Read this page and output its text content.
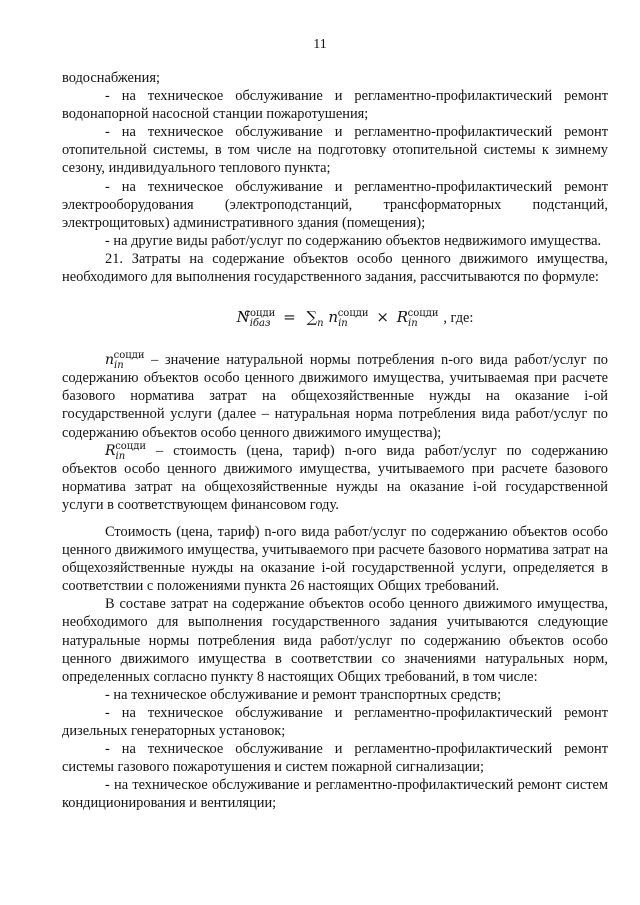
11

водоснабжения;

- на техническое обслуживание и регламентно-профилактический ремонт водонапорной насосной станции пожаротушения;

- на техническое обслуживание и регламентно-профилактический ремонт отопительной системы, в том числе на подготовку отопительной системы к зимнему сезону, индивидуального теплового пункта;

- на техническое обслуживание и регламентно-профилактический ремонт электрооборудования (электроподстанций, трансформаторных подстанций, электрощитовых) административного здания (помещения);

- на другие виды работ/услуг по содержанию объектов недвижимого имущества.

21. Затраты на содержание объектов особо ценного движимого имущества, необходимого для выполнения государственного задания, рассчитываются по формуле:

$N_{iбаз}^{соцди} = \sum_n$ $n_{in}^{соцди} \times R_{in}^{соцди}$ , где:

$n_{in}^{соцди}$ – значение натуральной нормы потребления n-ого вида работ/услуг по содержанию объектов особо ценного движимого имущества, учитываемая при расчете базового норматива затрат на общехозяйственные нужды на оказание i-ой государственной услуги (далее – натуральная норма потребления вида работ/услуг по содержанию объектов особо ценного движимого имущества);

$R_{in}^{соцди}$ – стоимость (цена, тариф) n-ого вида работ/услуг по содержанию объектов особо ценного движимого имущества, учитываемого при расчете базового норматива затрат на общехозяйственные нужды на оказание i-ой государственной услуги в соответствующем финансовом году.

Стоимость (цена, тариф) n-ого вида работ/услуг по содержанию объектов особо ценного движимого имущества, учитываемого при расчете базового норматива затрат на общехозяйственные нужды на оказание i-ой государственной услуги, определяется в соответствии с положениями пункта 26 настоящих Общих требований.

В составе затрат на содержание объектов особо ценного движимого имущества, необходимого для выполнения государственного задания учитываются следующие натуральные нормы потребления вида работ/услуг по содержанию объектов особо ценного движимого имущества в соответствии со значениями натуральных норм, определенных согласно пункту 8 настоящих Общих требований, в том числе:

- на техническое обслуживание и ремонт транспортных средств;

- на техническое обслуживание и регламентно-профилактический ремонт дизельных генераторных установок;

- на техническое обслуживание и регламентно-профилактический ремонт системы газового пожаротушения и систем пожарной сигнализации;

- на техническое обслуживание и регламентно-профилактический ремонт систем кондиционирования и вентиляции;
